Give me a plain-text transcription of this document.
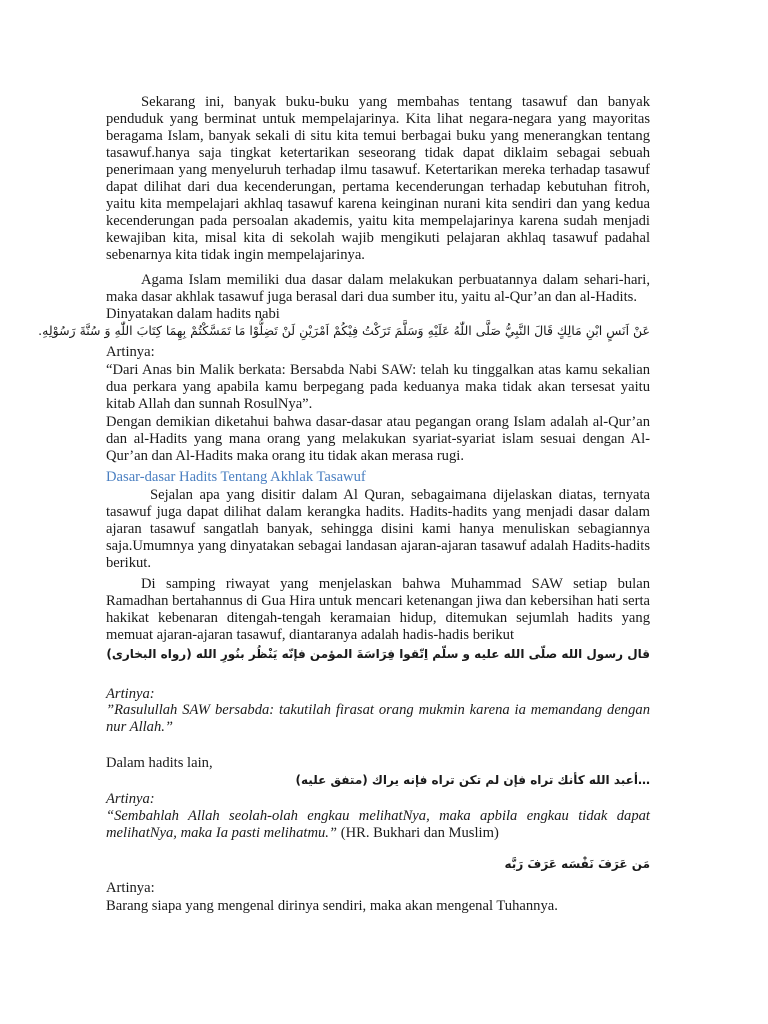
Sekarang ini, banyak buku-buku yang membahas tentang tasawuf dan banyak penduduk yang berminat untuk mempelajarinya. Kita lihat negara-negara yang mayoritas beragama Islam, banyak sekali di situ kita temui berbagai buku yang menerangkan tentang tasawuf.hanya saja tingkat ketertarikan seseorang tidak dapat diklaim sebagai sebuah penerimaan yang menyeluruh terhadap ilmu tasawuf. Ketertarikan mereka terhadap tasawuf dapat dilihat dari dua kecenderungan, pertama kecenderungan terhadap kebutuhan fitroh, yaitu kita mempelajari akhlaq tasawuf karena keinginan nurani kita sendiri dan yang kedua kecenderungan pada persoalan akademis, yaitu kita mempelajarinya karena sudah menjadi kewajiban kita, misal kita di sekolah wajib mengikuti pelajaran akhlaq tasawuf padahal sebenarnya kita tidak ingin mempelajarinya.
Agama Islam memiliki dua dasar dalam melakukan perbuatannya dalam sehari-hari, maka dasar akhlak tasawuf juga berasal dari dua sumber itu, yaitu al-Qur’an dan al-Hadits.
Dinyatakan dalam hadits nabi
عَنْ اَنَسٍ ابْنِ مَالِكٍ قَالَ النَّبِيُّ صَلَّى اللّٰهُ عَلَيْهِ وَسَلَّمَ تَرَكْتُ فِيْكُمْ اَمْرَيْنِ لَنْ تَضِلُّوْا مَا تَمَسَّكْتُمْ بِهِمَا كِتَابَ اللّٰهِ وَ سُنَّةَ رَسُوْلِهِ.
Artinya:
“Dari Anas bin Malik berkata: Bersabda Nabi SAW: telah ku tinggalkan atas kamu sekalian dua perkara yang apabila kamu berpegang pada keduanya maka tidak akan tersesat yaitu kitab Allah dan sunnah RosulNya”.
Dengan demikian diketahui bahwa dasar-dasar atau pegangan orang Islam adalah al-Qur’an dan al-Hadits yang mana orang yang melakukan syariat-syariat islam sesuai dengan Al-Qur’an dan Al-Hadits maka orang itu tidak akan merasa rugi.
Dasar-dasar Hadits Tentang Akhlak Tasawuf
Sejalan apa yang disitir dalam Al Quran, sebagaimana dijelaskan diatas, ternyata tasawuf juga dapat dilihat dalam kerangka hadits. Hadits-hadits yang menjadi dasar dalam ajaran tasawuf sangatlah banyak, sehingga disini kami hanya menuliskan sebagiannya saja.Umumnya yang dinyatakan sebagai landasan ajaran-ajaran tasawuf adalah Hadits-hadits berikut.
Di samping riwayat yang menjelaskan bahwa Muhammad SAW setiap bulan Ramadhan bertahannus di Gua Hira untuk mencari ketenangan jiwa dan kebersihan hati serta hakikat kebenaran ditengah-tengah keramaian hidup, ditemukan sejumlah hadits yang memuat ajaran-ajaran tasawuf, diantaranya adalah hadis-hadis berikut
قال رسول الله صلّى الله عليه و سلّم اِتّقوا فِرَاسَةَ المؤمن فإنّه يَنْظُر بنُورِ الله (رواه البخارى)
Artinya:
”Rasulullah SAW bersabda: takutilah firasat orang mukmin karena ia memandang dengan nur Allah.”
Dalam hadits lain,
…أعبد الله كأنك تراه فإن لم تكن تراه فإنه يراك (متفق عليه)
Artinya:
“Sembahlah Allah seolah-olah engkau melihatNya, maka apbila engkau tidak dapat melihatNya, maka Ia pasti melihatmu.” (HR. Bukhari dan Muslim)
مَن عَرَفَ نَفْسَه عَرَفَ رَبَّه
Artinya:
Barang siapa yang mengenal dirinya sendiri, maka akan mengenal Tuhannya.
